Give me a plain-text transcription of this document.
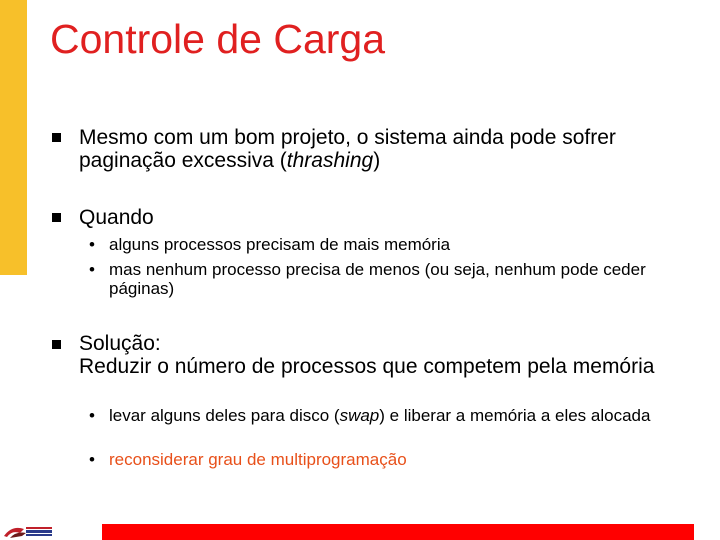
Controle de Carga
Mesmo com um bom projeto, o sistema ainda pode sofrer paginação excessiva (thrashing)
Quando
• alguns processos precisam de mais memória
• mas nenhum processo precisa de menos (ou seja, nenhum pode ceder páginas)
Solução:
Reduzir o número de processos que competem pela memória
• levar alguns deles para disco (swap) e liberar a memória a eles alocada
• reconsiderar grau de multiprogramação
